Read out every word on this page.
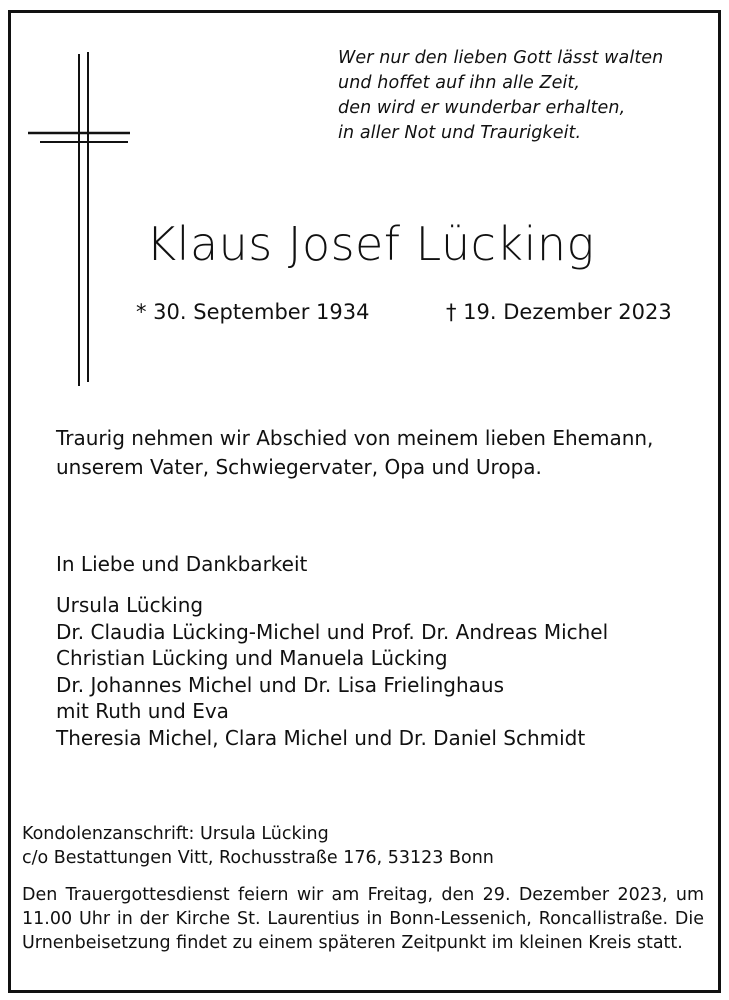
Wer nur den lieben Gott lässt walten
und hoffet auf ihn alle Zeit,
den wird er wunderbar erhalten,
in aller Not und Traurigkeit.
Klaus Josef Lücking
* 30. September 1934	† 19. Dezember 2023
Traurig nehmen wir Abschied von meinem lieben Ehemann,
unserem Vater, Schwiegervater, Opa und Uropa.
In Liebe und Dankbarkeit
Ursula Lücking
Dr. Claudia Lücking-Michel und Prof. Dr. Andreas Michel
Christian Lücking und Manuela Lücking
Dr. Johannes Michel und Dr. Lisa Frielinghaus
mit Ruth und Eva
Theresia Michel, Clara Michel und Dr. Daniel Schmidt
Kondolenzanschrift: Ursula Lücking
c/o Bestattungen Vitt, Rochusstraße 176, 53123 Bonn
Den Trauergottesdienst feiern wir am Freitag, den 29. Dezember 2023, um 11.00 Uhr in der Kirche St. Laurentius in Bonn-Lessenich, Roncallistraße. Die Urnenbeisetzung findet zu einem späteren Zeitpunkt im kleinen Kreis statt.
